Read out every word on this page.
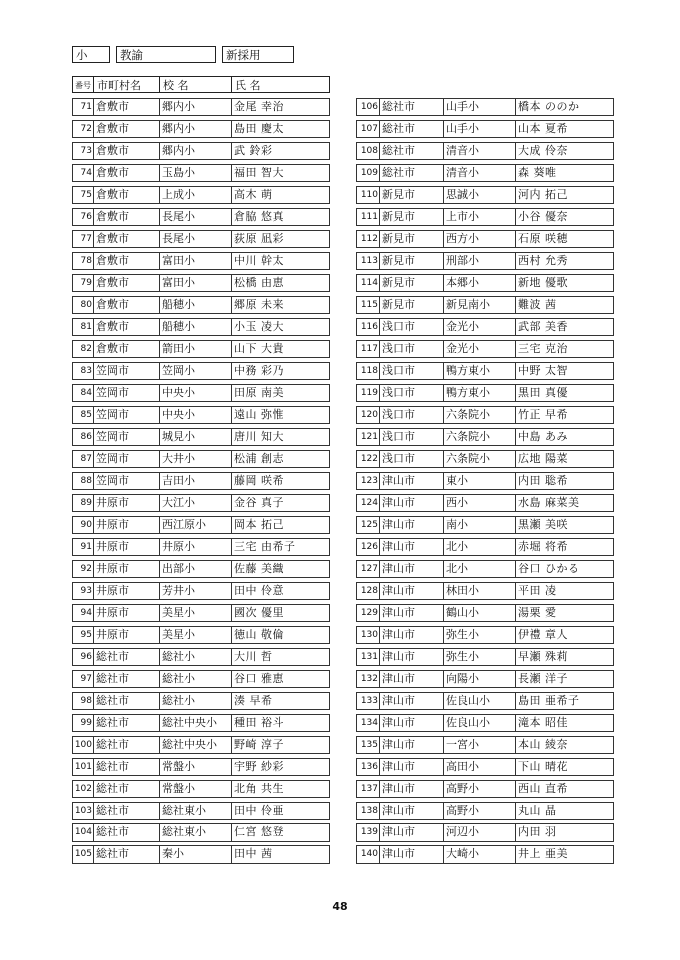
小	教諭	新採用
番号 市町村名	校 名	氏 名
71 倉敷市	郷内小	金尾 幸治
72 倉敷市	郷内小	島田 慶太
73 倉敷市	郷内小	武 鈴彩
74 倉敷市	玉島小	福田 智大
75 倉敷市	上成小	高木 萌
76 倉敷市	長尾小	倉脇 悠真
77 倉敷市	長尾小	荻原 凪彩
78 倉敷市	富田小	中川 幹太
79 倉敷市	富田小	松橋 由恵
80 倉敷市	船穂小	郷原 未来
81 倉敷市	船穂小	小玉 凌大
82 倉敷市	箭田小	山下 大貴
83 笠岡市	笠岡小	中務 彩乃
84 笠岡市	中央小	田原 南美
85 笠岡市	中央小	遠山 弥惟
86 笠岡市	城見小	唐川 知大
87 笠岡市	大井小	松浦 創志
88 笠岡市	吉田小	藤岡 咲希
89 井原市	大江小	金谷 真子
90 井原市	西江原小	岡本 拓己
91 井原市	井原小	三宅 由希子
92 井原市	出部小	佐藤 美織
93 井原市	芳井小	田中 伶意
94 井原市	美星小	國次 優里
95 井原市	美星小	徳山 敬倫
96 総社市	総社小	大川 哲
97 総社市	総社小	谷口 雅恵
98 総社市	総社小	湊 早希
99 総社市	総社中央小	種田 裕斗
100 総社市	総社中央小	野崎 淳子
101 総社市	常盤小	宇野 紗彩
102 総社市	常盤小	北角 共生
103 総社市	総社東小	田中 伶亜
104 総社市	総社東小	仁宮 悠登
105 総社市	秦小	田中 茜
106 総社市	山手小	橋本 ののか
107 総社市	山手小	山本 夏希
108 総社市	清音小	大成 伶奈
109 総社市	清音小	森 葵唯
110 新見市	思誠小	河内 拓己
111 新見市	上市小	小谷 優奈
112 新見市	西方小	石原 咲穂
113 新見市	刑部小	西村 允秀
114 新見市	本郷小	新地 優歌
115 新見市	新見南小	難波 茜
116 浅口市	金光小	武部 美香
117 浅口市	金光小	三宅 克治
118 浅口市	鴨方東小	中野 太智
119 浅口市	鴨方東小	黒田 真優
120 浅口市	六条院小	竹正 早希
121 浅口市	六条院小	中島 あみ
122 浅口市	六条院小	広地 陽菜
123 津山市	東小	内田 聡希
124 津山市	西小	水島 麻菜美
125 津山市	南小	黒瀬 美咲
126 津山市	北小	赤堀 将希
127 津山市	北小	谷口 ひかる
128 津山市	林田小	平田 凌
129 津山市	鶴山小	湯栗 愛
130 津山市	弥生小	伊禮 章人
131 津山市	弥生小	早瀬 殊莉
132 津山市	向陽小	長瀬 洋子
133 津山市	佐良山小	島田 亜希子
134 津山市	佐良山小	滝本 昭佳
135 津山市	一宮小	本山 綾奈
136 津山市	高田小	下山 晴花
137 津山市	高野小	西山 直希
138 津山市	高野小	丸山 晶
139 津山市	河辺小	内田 羽
140 津山市	大崎小	井上 亜美
48
